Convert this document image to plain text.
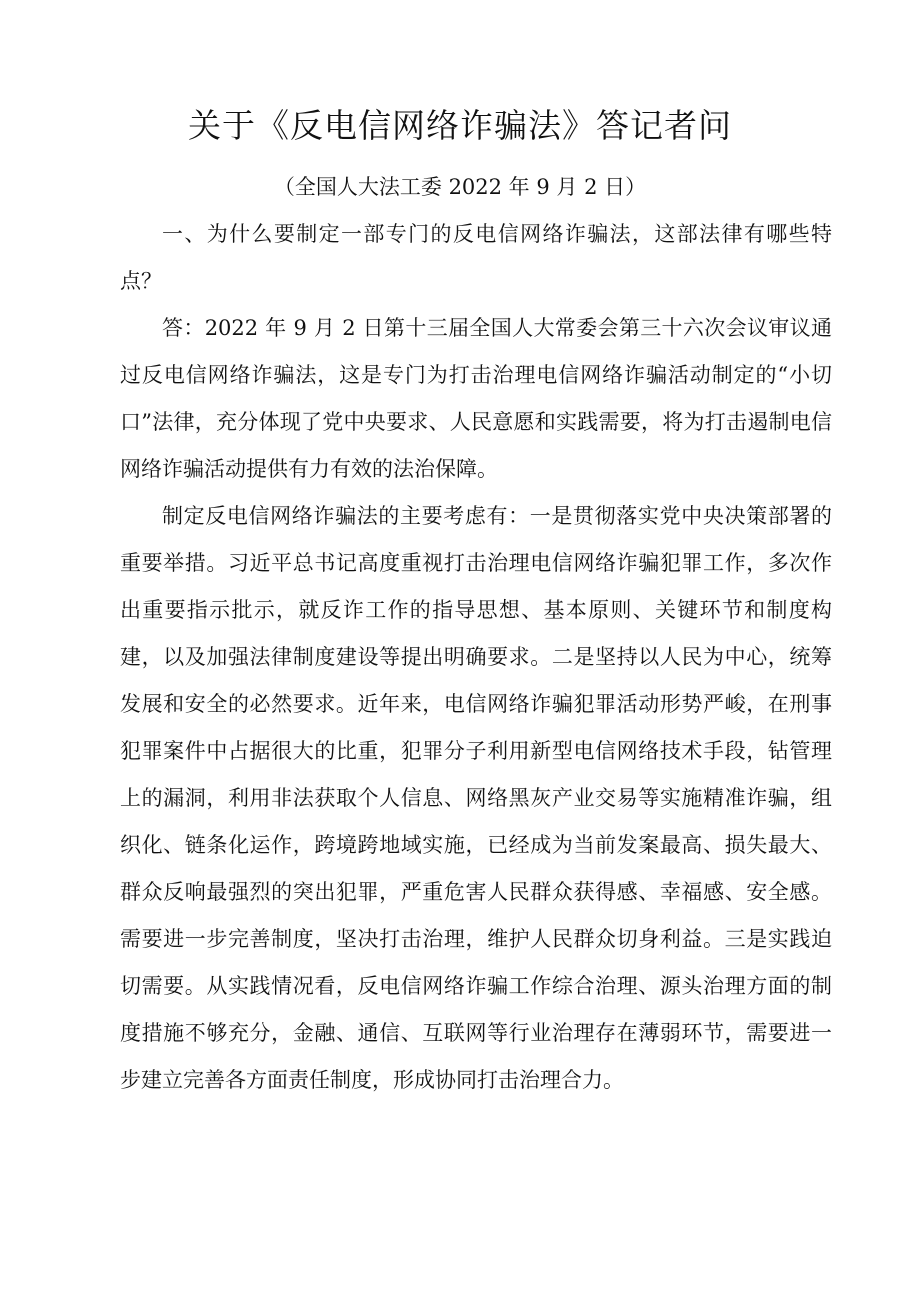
关于《反电信网络诈骗法》答记者问
（全国人大法工委 2022 年 9 月 2 日）

一、为什么要制定一部专门的反电信网络诈骗法，这部法律有哪些特点？

答：2022 年 9 月 2 日第十三届全国人大常委会第三十六次会议审议通过反电信网络诈骗法，这是专门为打击治理电信网络诈骗活动制定的“小切口”法律，充分体现了党中央要求、人民意愿和实践需要，将为打击遏制电信网络诈骗活动提供有力有效的法治保障。

制定反电信网络诈骗法的主要考虑有：一是贯彻落实党中央决策部署的重要举措。习近平总书记高度重视打击治理电信网络诈骗犯罪工作，多次作出重要指示批示，就反诈工作的指导思想、基本原则、关键环节和制度构建，以及加强法律制度建设等提出明确要求。二是坚持以人民为中心，统筹发展和安全的必然要求。近年来，电信网络诈骗犯罪活动形势严峻，在刑事犯罪案件中占据很大的比重，犯罪分子利用新型电信网络技术手段，钻管理上的漏洞，利用非法获取个人信息、网络黑灰产业交易等实施精准诈骗，组织化、链条化运作，跨境跨地域实施，已经成为当前发案最高、损失最大、群众反响最强烈的突出犯罪，严重危害人民群众获得感、幸福感、安全感。需要进一步完善制度，坚决打击治理，维护人民群众切身利益。三是实践迫切需要。从实践情况看，反电信网络诈骗工作综合治理、源头治理方面的制度措施不够充分，金融、通信、互联网等行业治理存在薄弱环节，需要进一步建立完善各方面责任制度，形成协同打击治理合力。
